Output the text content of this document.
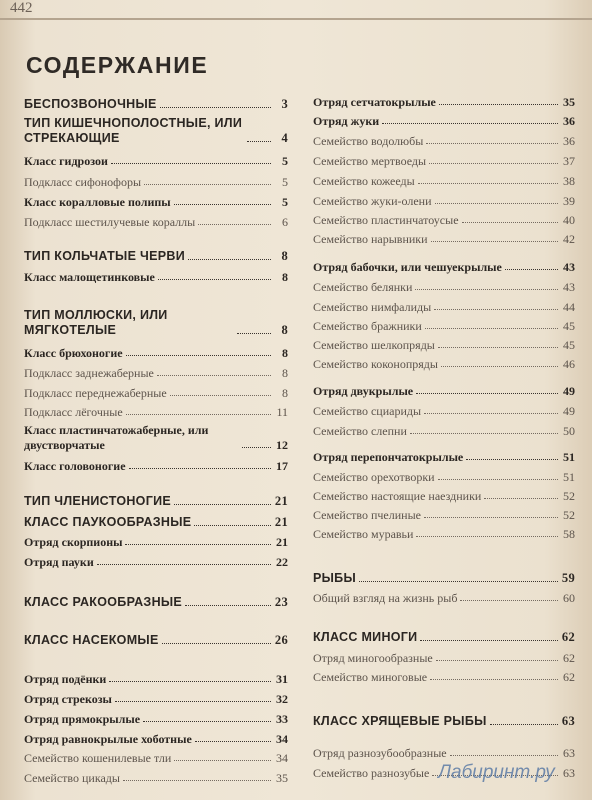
442
СОДЕРЖАНИЕ
БЕСПОЗВОНОЧНЫЕ	3
ТИП КИШЕЧНОПОЛОСТНЫЕ, ИЛИ СТРЕКАЮЩИЕ	4
Класс гидрозои	5
Подкласс сифонофоры	5
Класс коралловые полипы	5
Подкласс шестилучевые кораллы	6
ТИП КОЛЬЧАТЫЕ ЧЕРВИ	8
Класс малощетинковые	8
ТИП МОЛЛЮСКИ, ИЛИ МЯГКОТЕЛЫЕ	8
Класс брюхоногие	8
Подкласс заднежаберные	8
Подкласс переднежаберные	8
Подкласс лёгочные	11
Класс пластинчатожаберные, или двустворчатые	12
Класс головоногие	17
ТИП ЧЛЕНИСТОНОГИЕ	21
КЛАСС ПАУКООБРАЗНЫЕ	21
Отряд скорпионы	21
Отряд пауки	22
КЛАСС РАКООБРАЗНЫЕ	23
КЛАСС НАСЕКОМЫЕ	26
Отряд подёнки	31
Отряд стрекозы	32
Отряд прямокрылые	33
Отряд равнокрылые хоботные	34
Семейство кошенилевые тли	34
Семейство цикады	35
Отряд сетчатокрылые	35
Отряд жуки	36
Семейство водолюбы	36
Семейство мертвоеды	37
Семейство кожееды	38
Семейство жуки-олени	39
Семейство пластинчатоусые	40
Семейство нарывники	42
Отряд бабочки, или чешуекрылые	43
Семейство белянки	43
Семейство нимфалиды	44
Семейство бражники	45
Семейство шелкопряды	45
Семейство коконопряды	46
Отряд двукрылые	49
Семейство сциариды	49
Семейство слепни	50
Отряд перепончатокрылые	51
Семейство орехотворки	51
Семейство настоящие наездники	52
Семейство пчелиные	52
Семейство муравьи	58
РЫБЫ	59
Общий взгляд на жизнь рыб	60
КЛАСС МИНОГИ	62
Отряд миногообразные	62
Семейство миноговые	62
КЛАСС ХРЯЩЕВЫЕ РЫБЫ	63
Отряд разнозубообразные	63
Семейство разнозубые	63
Лабиринт.ру
